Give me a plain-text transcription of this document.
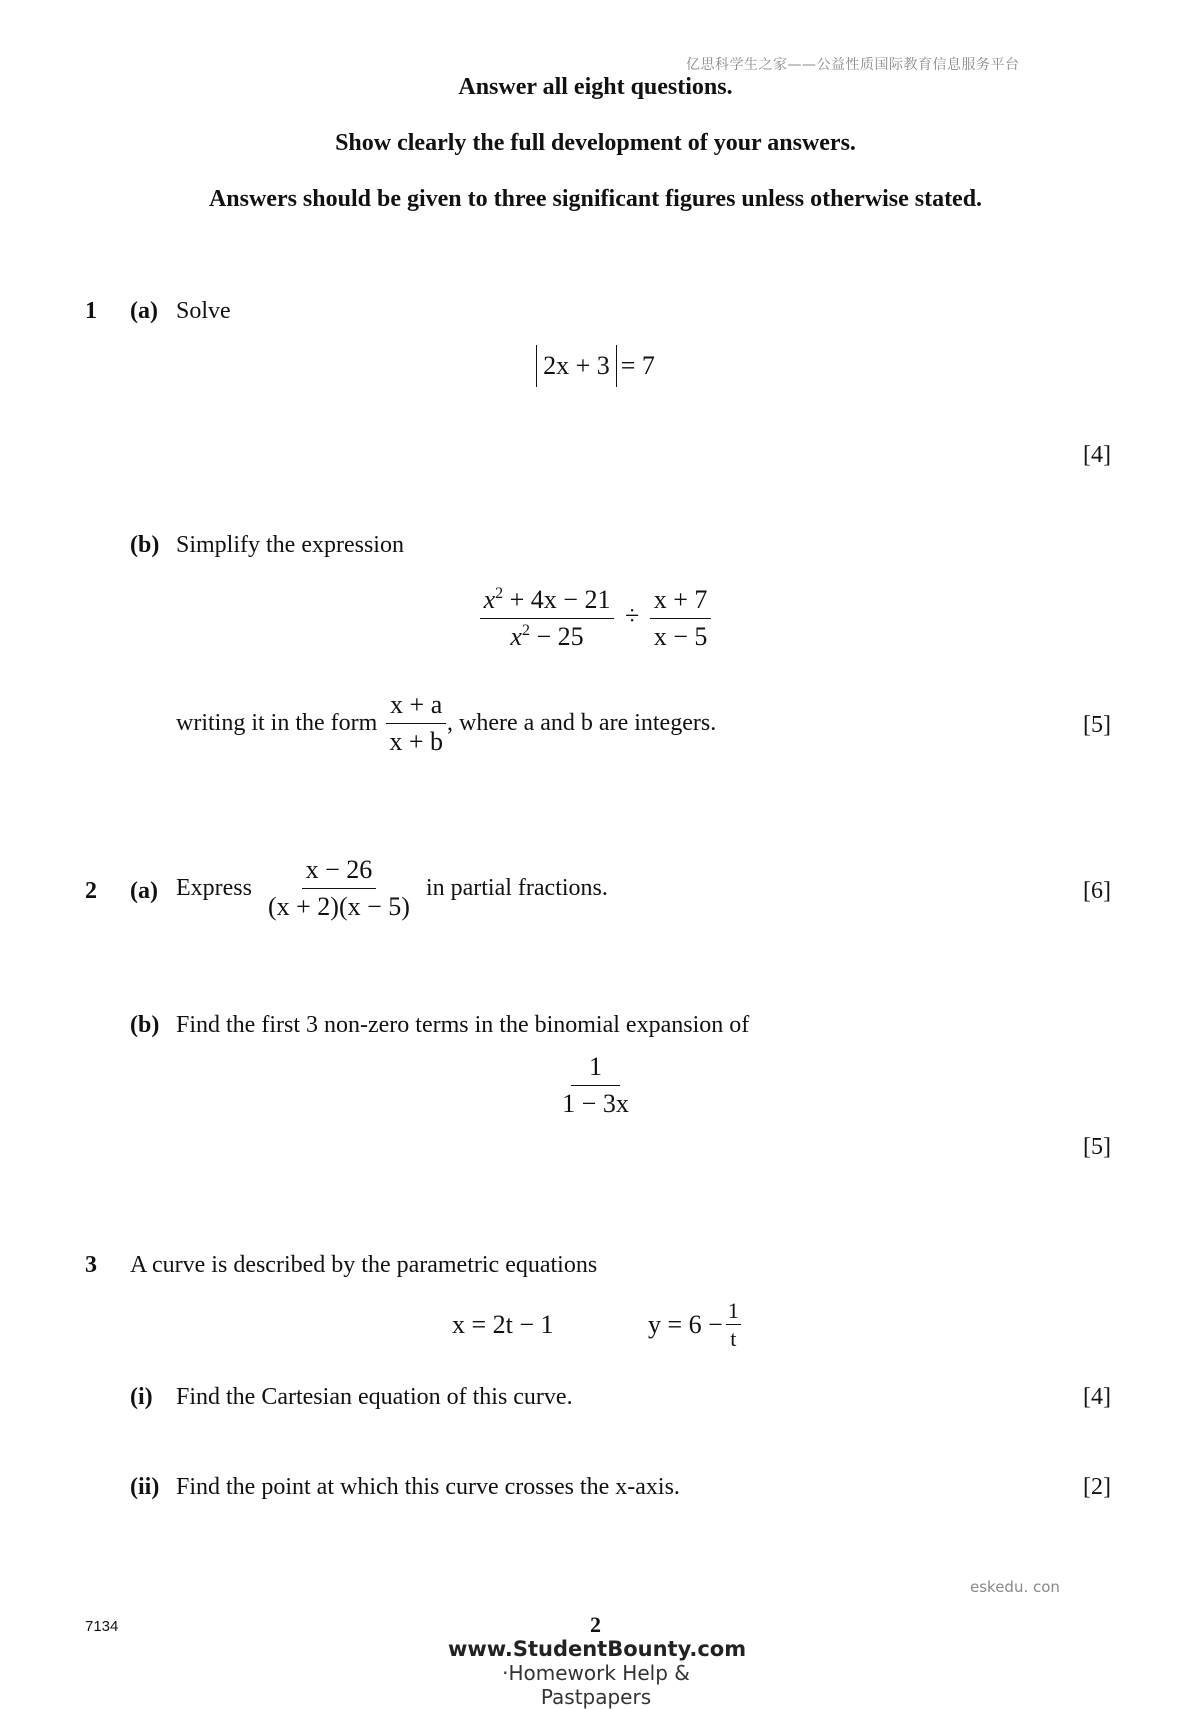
亿思科学生之家——公益性质国际教育信息服务平台
Answer all eight questions.
Show clearly the full development of your answers.
Answers should be given to three significant figures unless otherwise stated.
1 (a) Solve
2x + 3 = 7
[4]
(b) Simplify the expression
$\frac{x^2 + 4x - 21}{x^2 - 25} \div \frac{x + 7}{x - 5}$
writing it in the form $\frac{x + a}{x + b}$ , where a and b are integers.	[5]
2 (a) Express $\frac{x - 26}{(x + 2)(x - 5)}$ in partial fractions.	[6]
(b) Find the first 3 non-zero terms in the binomial expansion of
$\frac{1}{1 - 3x}$
[5]
3 A curve is described by the parametric equations
x = 2t − 1	$y = 6 - \frac{1}{t}$
(i) Find the Cartesian equation of this curve.	[4]
(ii) Find the point at which this curve crosses the x-axis.	[2]
eskedu. con
7134	2
www.StudentBounty.com
·Homework Help & Pastpapers
